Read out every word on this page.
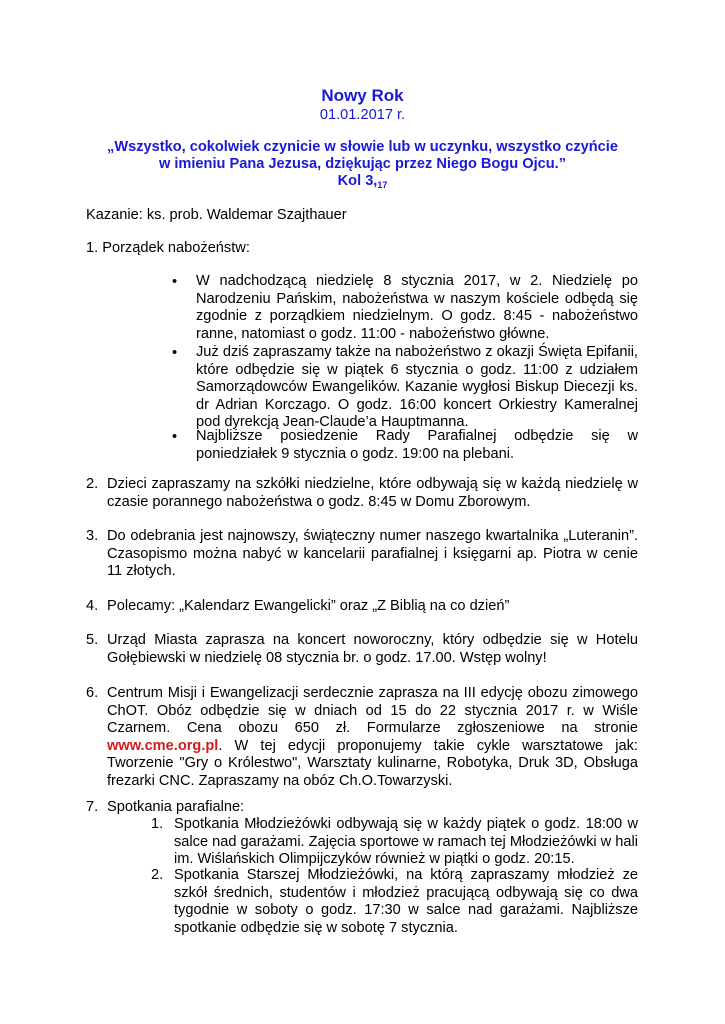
Nowy Rok
01.01.2017 r.
„Wszystko, cokolwiek czynicie w słowie lub w uczynku, wszystko czyńcie
w imieniu Pana Jezusa, dziękując przez Niego Bogu Ojcu.”
Kol $3,_{17}$
Kazanie: ks. prob. Waldemar Szajthauer
1. Porządek nabożeństw:
• W nadchodzącą niedzielę 8 stycznia 2017, w 2. Niedzielę po Narodzeniu Pańskim, nabożeństwa w naszym kościele odbędą się zgodnie z porządkiem niedzielnym. O godz. 8:45 - nabożeństwo ranne, natomiast o godz. 11:00 - nabożeństwo główne.
• Już dziś zapraszamy także na nabożeństwo z okazji Święta Epifanii, które odbędzie się w piątek 6 stycznia o godz. 11:00 z udziałem Samorządowców Ewangelików. Kazanie wygłosi Biskup Diecezji ks. dr Adrian Korczago. O godz. 16:00 koncert Orkiestry Kameralnej pod dyrekcją Jean-Claude’a Hauptmanna.
• Najbliższe posiedzenie Rady Parafialnej odbędzie się w poniedziałek 9 stycznia o godz. 19:00 na plebani.
2. Dzieci zapraszamy na szkółki niedzielne, które odbywają się w każdą niedzielę w czasie porannego nabożeństwa o godz. 8:45 w Domu Zborowym.
3. Do odebrania jest najnowszy, świąteczny numer naszego kwartalnika „Luteranin”. Czasopismo można nabyć w kancelarii parafialnej i księgarni ap. Piotra w cenie 11 złotych.
4. Polecamy: „Kalendarz Ewangelicki” oraz „Z Biblią na co dzień”
5. Urząd Miasta zaprasza na koncert noworoczny, który odbędzie się w Hotelu Gołębiewski w niedzielę 08 stycznia br. o godz. 17.00. Wstęp wolny!
6. Centrum Misji i Ewangelizacji serdecznie zaprasza na III edycję obozu zimowego ChOT. Obóz odbędzie się w dniach od 15 do 22 stycznia 2017 r. w Wiśle Czarnem. Cena obozu 650 zł. Formularze zgłoszeniowe na stronie www.cme.org.pl. W tej edycji proponujemy takie cykle warsztatowe jak: Tworzenie "Gry o Królestwo", Warsztaty kulinarne, Robotyka, Druk 3D, Obsługa frezarki CNC. Zapraszamy na obóz Ch.O.Towarzyski.
7. Spotkania parafialne:
1. Spotkania Młodzieżówki odbywają się w każdy piątek o godz. 18:00 w salce nad garażami. Zajęcia sportowe w ramach tej Młodzieżówki w hali im. Wiślańskich Olimpijczyków również w piątki o godz. 20:15.
2. Spotkania Starszej Młodzieżówki, na którą zapraszamy młodzież ze szkół średnich, studentów i młodzież pracującą odbywają się co dwa tygodnie w soboty o godz. 17:30 w salce nad garażami. Najbliższe spotkanie odbędzie się w sobotę 7 stycznia.
